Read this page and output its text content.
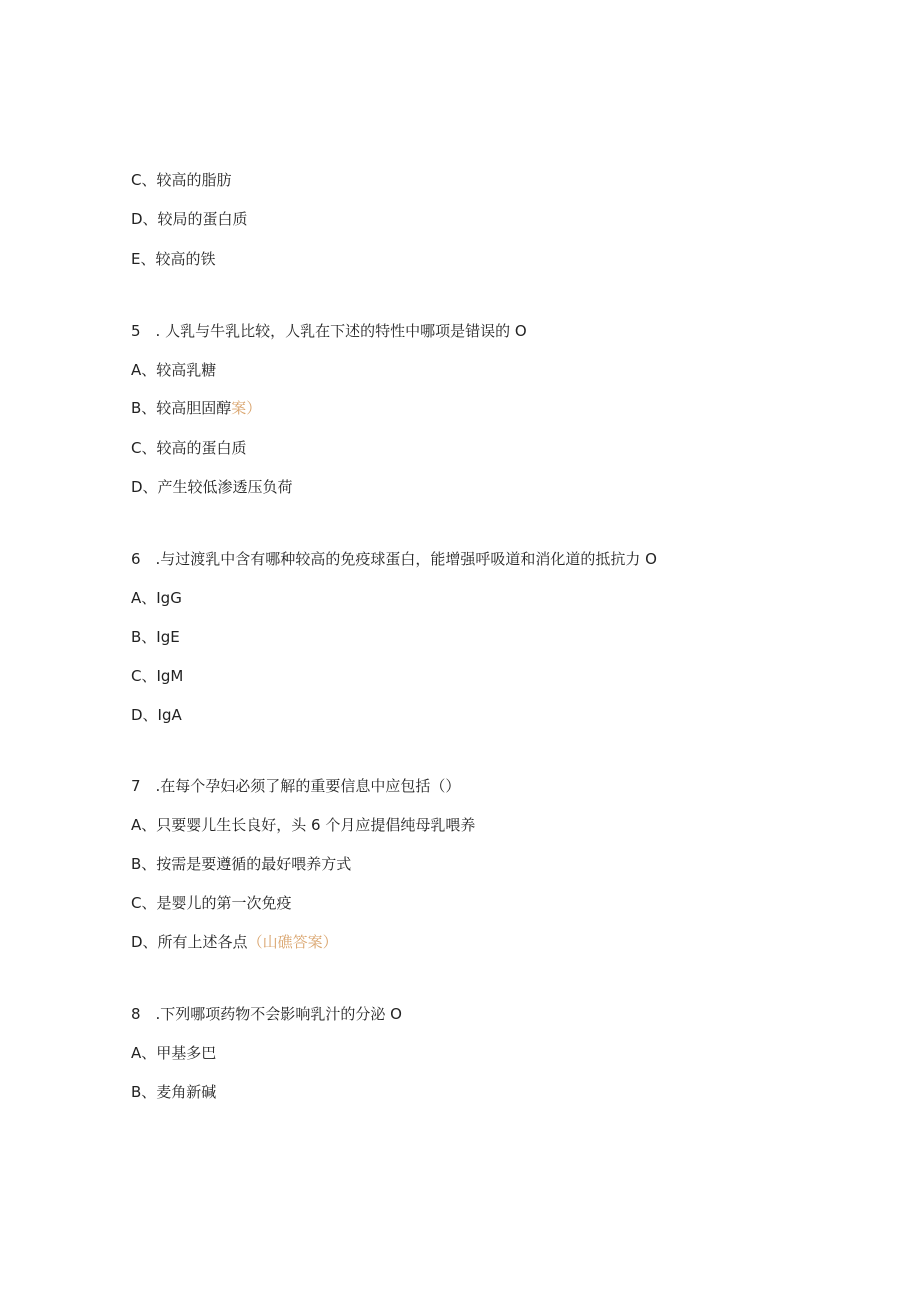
C、较高的脂肪
D、较局的蛋白质
E、较高的铁
5　. 人乳与牛乳比较，人乳在下述的特性中哪项是错误的 O
A、较高乳糖
B、较高胆固醇案）
C、较高的蛋白质
D、产生较低渗透压负荷
6　.与过渡乳中含有哪种较高的免疫球蛋白，能增强呼吸道和消化道的抵抗力 O
A、IgG
B、IgE
C、IgM
D、IgA
7　.在每个孕妇必须了解的重要信息中应包括（）
A、只要婴儿生长良好，头 6 个月应提倡纯母乳喂养
B、按需是要遵循的最好喂养方式
C、是婴儿的第一次免疫
D、所有上述各点（山礁答案）
8　.下列哪项药物不会影响乳汁的分泌 O
A、甲基多巴
B、麦角新碱
